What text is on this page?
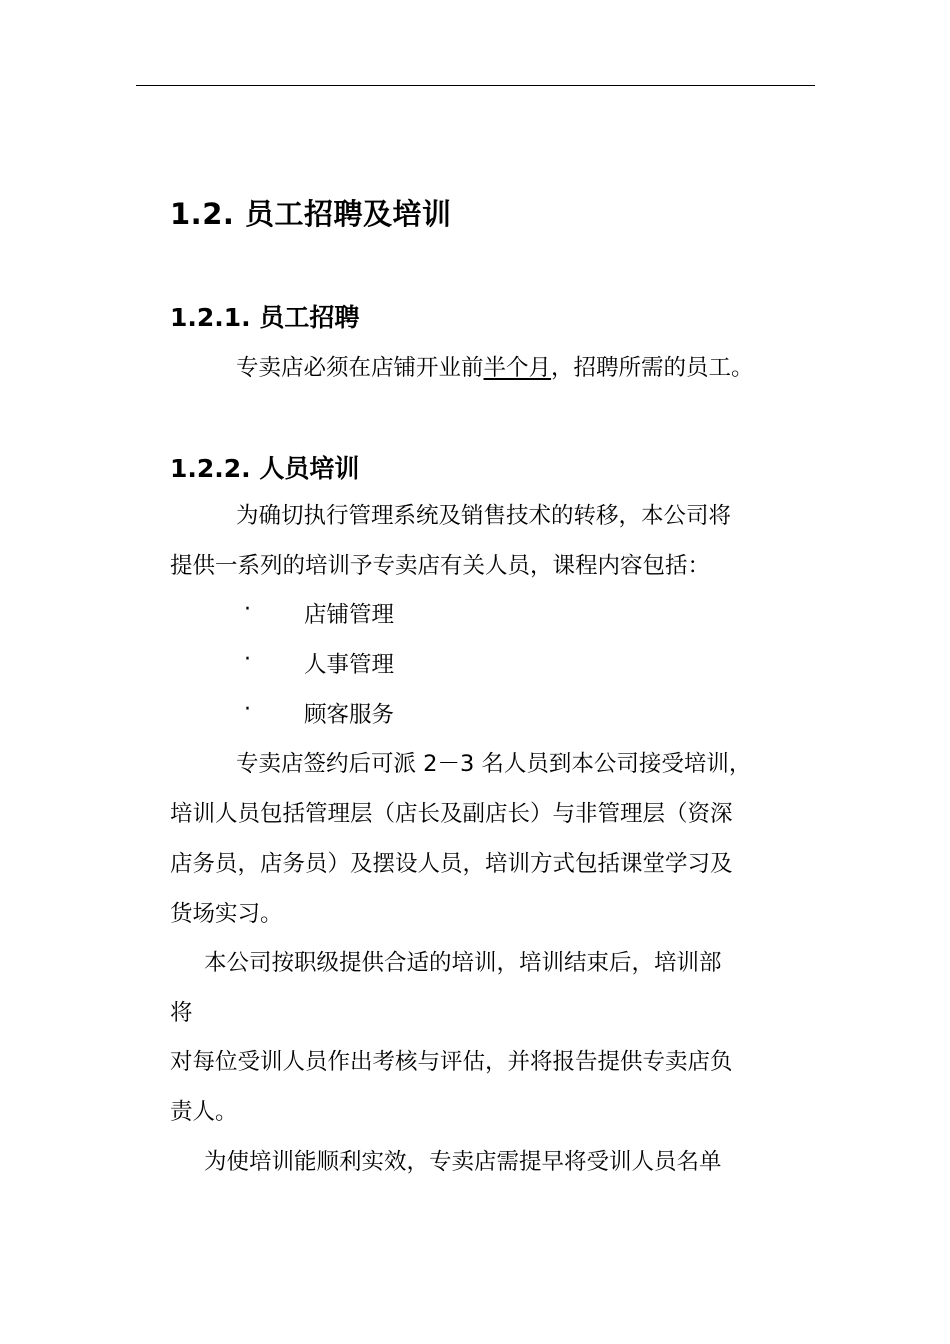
1.2. 员工招聘及培训
1.2.1. 员工招聘
专卖店必须在店铺开业前半个月，招聘所需的员工。
1.2.2. 人员培训
为确切执行管理系统及销售技术的转移，本公司将
提供一系列的培训予专卖店有关人员，课程内容包括：
· 店铺管理
· 人事管理
· 顾客服务
专卖店签约后可派 2－3 名人员到本公司接受培训，
培训人员包括管理层（店长及副店长）与非管理层（资深
店务员，店务员）及摆设人员，培训方式包括课堂学习及
货场实习。
本公司按职级提供合适的培训，培训结束后，培训部
将
对每位受训人员作出考核与评估，并将报告提供专卖店负
责人。
为使培训能顺利实效，专卖店需提早将受训人员名单
